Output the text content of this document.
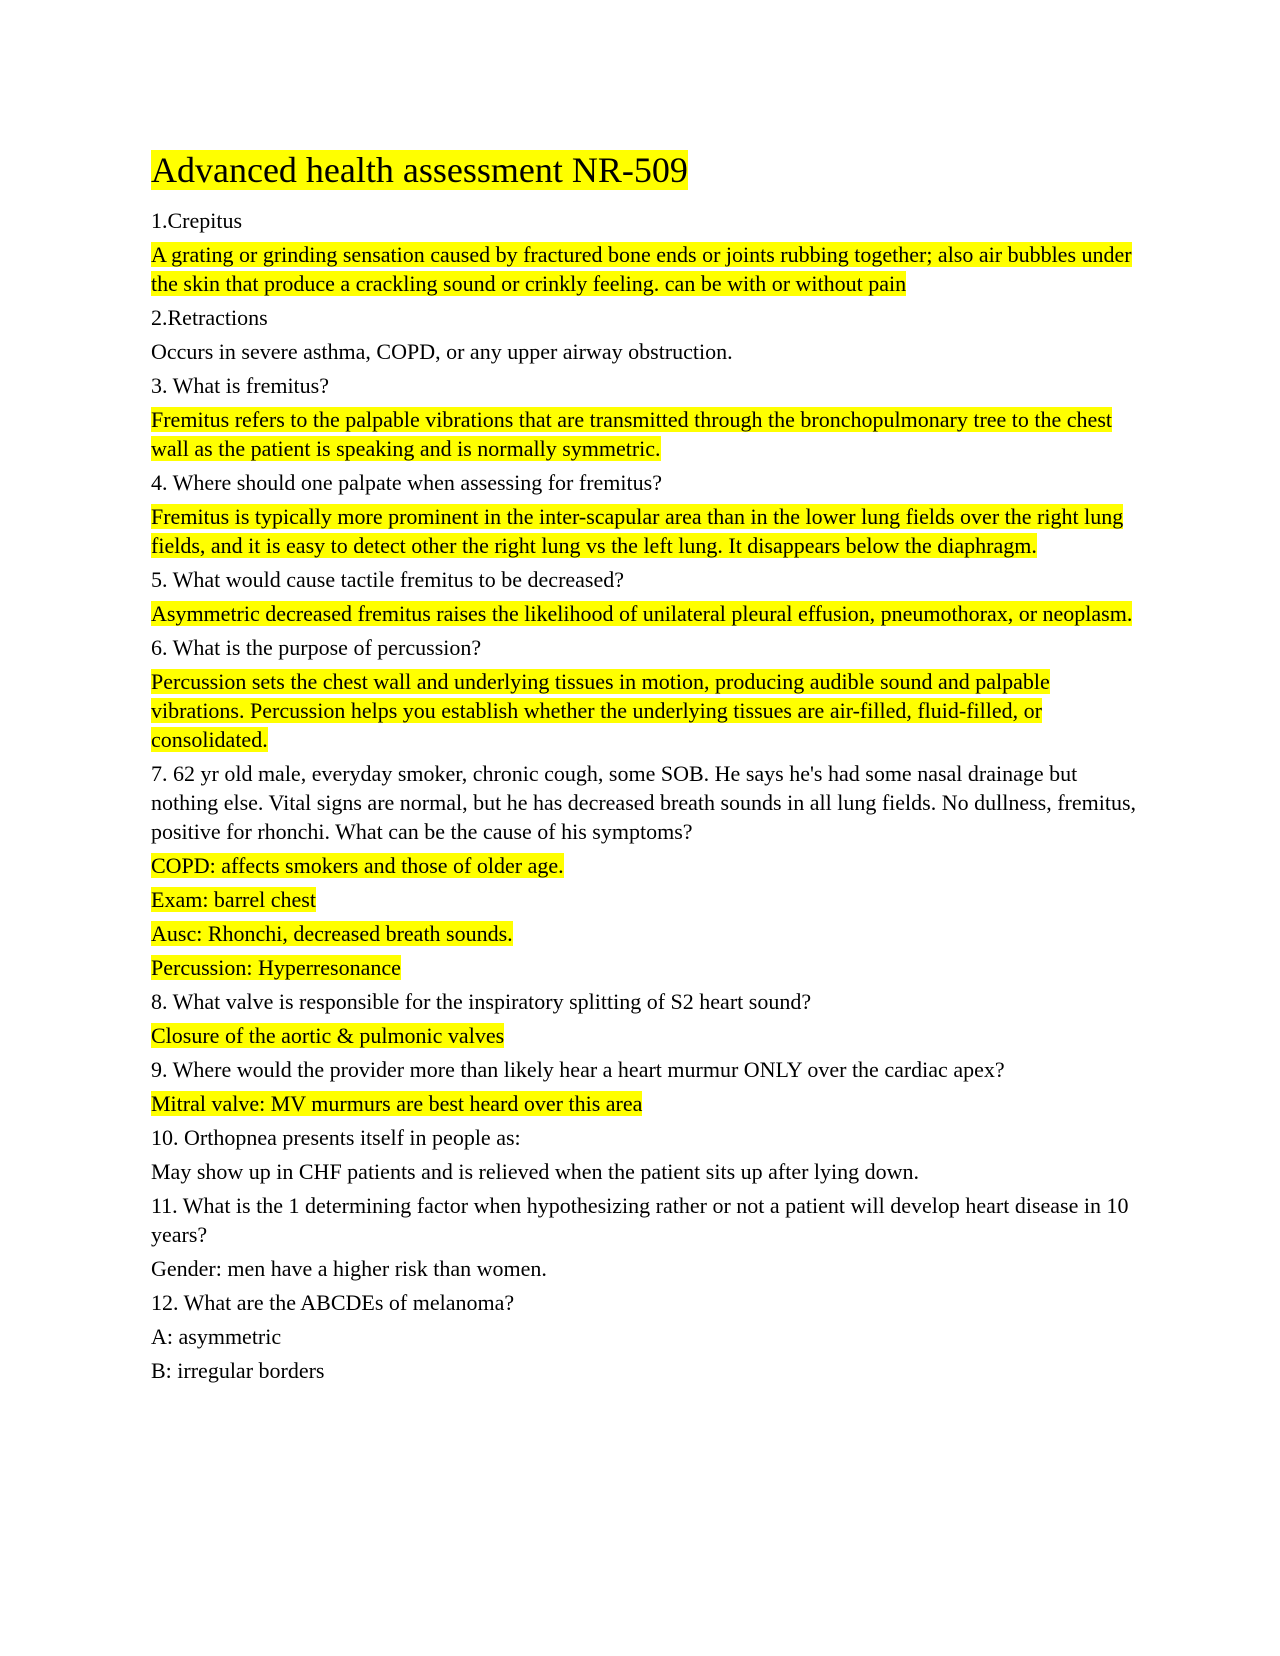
Advanced health assessment NR-509

1.Crepitus

A grating or grinding sensation caused by fractured bone ends or joints rubbing together; also air bubbles under the skin that produce a crackling sound or crinkly feeling. can be with or without pain

2.Retractions

Occurs in severe asthma, COPD, or any upper airway obstruction.

3. What is fremitus?

Fremitus refers to the palpable vibrations that are transmitted through the bronchopulmonary tree to the chest wall as the patient is speaking and is normally symmetric.

4. Where should one palpate when assessing for fremitus?

Fremitus is typically more prominent in the inter-scapular area than in the lower lung fields over the right lung fields, and it is easy to detect other the right lung vs the left lung. It disappears below the diaphragm.

5. What would cause tactile fremitus to be decreased?

Asymmetric decreased fremitus raises the likelihood of unilateral pleural effusion, pneumothorax, or neoplasm.

6. What is the purpose of percussion?

Percussion sets the chest wall and underlying tissues in motion, producing audible sound and palpable vibrations. Percussion helps you establish whether the underlying tissues are air-filled, fluid-filled, or consolidated.

7. 62 yr old male, everyday smoker, chronic cough, some SOB. He says he's had some nasal drainage but nothing else. Vital signs are normal, but he has decreased breath sounds in all lung fields. No dullness, fremitus, positive for rhonchi. What can be the cause of his symptoms?

COPD: affects smokers and those of older age.

Exam: barrel chest

Ausc: Rhonchi, decreased breath sounds.

Percussion: Hyperresonance

8. What valve is responsible for the inspiratory splitting of S2 heart sound?

Closure of the aortic & pulmonic valves

9. Where would the provider more than likely hear a heart murmur ONLY over the cardiac apex?

Mitral valve: MV murmurs are best heard over this area

10. Orthopnea presents itself in people as:

May show up in CHF patients and is relieved when the patient sits up after lying down.

11. What is the 1 determining factor when hypothesizing rather or not a patient will develop heart disease in 10 years?

Gender: men have a higher risk than women.

12. What are the ABCDEs of melanoma?

A: asymmetric

B: irregular borders
